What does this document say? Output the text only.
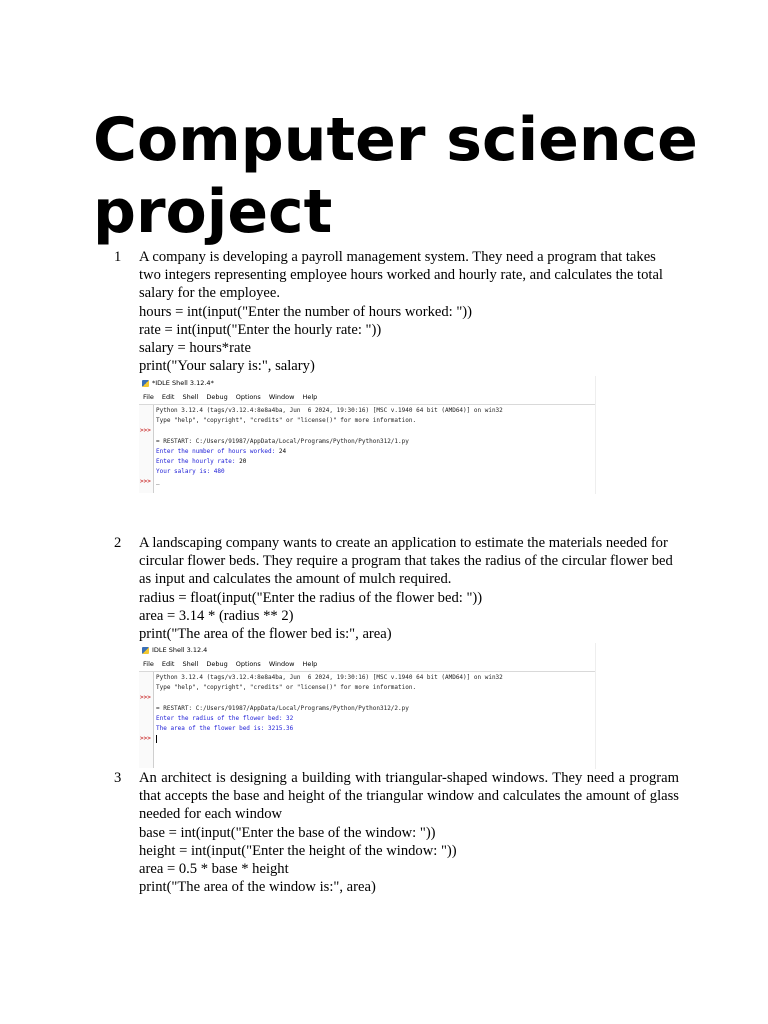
Computer science project
1 A company is developing a payroll management system. They need a program that takes two integers representing employee hours worked and hourly rate, and calculates the total salary for the employee.

hours = int(input("Enter the number of hours worked: "))

rate = int(input("Enter the hourly rate: "))

salary = hours*rate

print("Your salary is:", salary)

*IDLE Shell 3.12.4*
File Edit Shell Debug Options Window Help
Python 3.12.4 (tags/v3.12.4:8e8a4ba, Jun  6 2024, 19:30:16) [MSC v.1940 64 bit (AMD64)] on win32
Type "help", "copyright", "credits" or "license()" for more information.
>>>
= RESTART: C:/Users/91987/AppData/Local/Programs/Python/Python312/1.py
Enter the number of hours worked: 24
Enter the hourly rate: 20
Your salary is: 480
>>> _
2 A landscaping company wants to create an application to estimate the materials needed for            circular flower beds. They require a program that takes the radius of the circular flower bed as input and calculates the amount of mulch required.

radius = float(input("Enter the radius of the flower bed: "))

area = 3.14 * (radius ** 2)

print("The area of the flower bed is:", area)

IDLE Shell 3.12.4
File Edit Shell Debug Options Window Help
Python 3.12.4 (tags/v3.12.4:8e8a4ba, Jun  6 2024, 19:30:16) [MSC v.1940 64 bit (AMD64)] on win32
Type "help", "copyright", "credits" or "license()" for more information.
>>>
= RESTART: C:/Users/91987/AppData/Local/Programs/Python/Python312/2.py
Enter the radius of the flower bed: 32
The area of the flower bed is: 3215.36
>>>
3 An architect is designing a building with triangular-shaped windows. They need a program that accepts the base and height of the triangular window and calculates the amount of glass needed for each window

base = int(input("Enter the base of the window: "))

height = int(input("Enter the height of the window: "))

area = 0.5 * base * height

print("The area of the window is:", area)
